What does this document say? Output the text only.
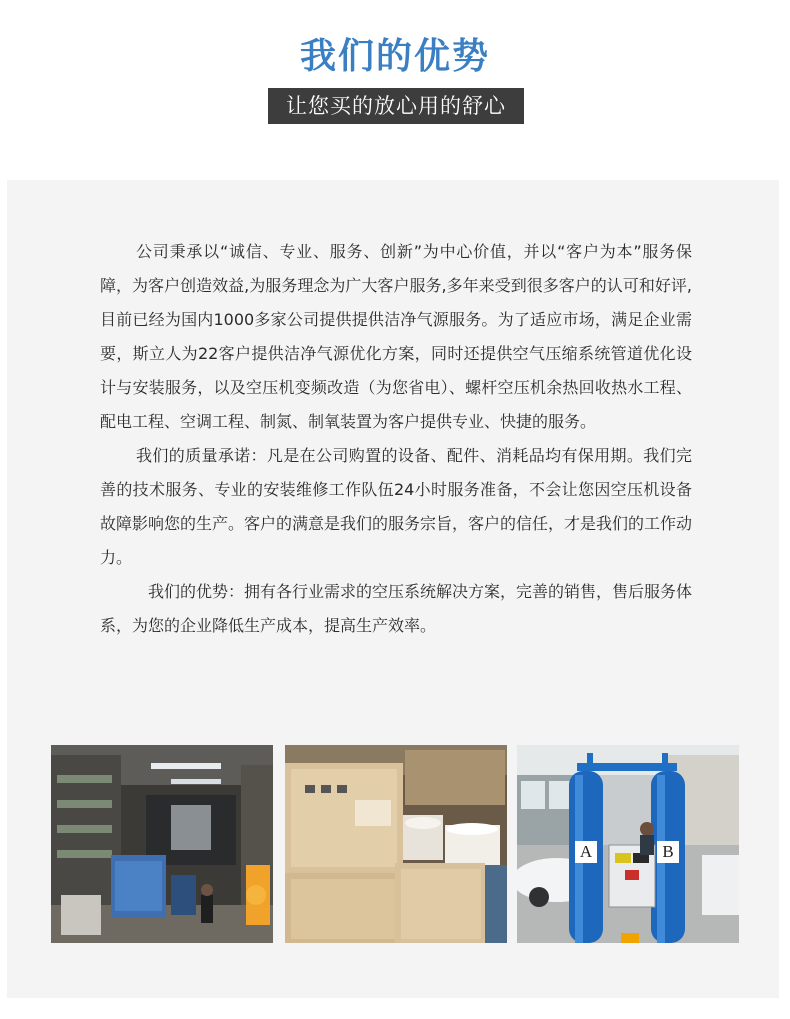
我们的优势
让您买的放心用的舒心

公司秉承以“诚信、专业、服务、创新”为中心价值，并以“客户为本”服务保障，为客户创造效益,为服务理念为广大客户服务,多年来受到很多客户的认可和好评,目前已经为国内1000多家公司提供提供洁净气源服务。为了适应市场，满足企业需要，斯立人为22客户提供洁净气源优化方案，同时还提供空气压缩系统管道优化设计与安装服务，以及空压机变频改造（为您省电）、螺杆空压机余热回收热水工程、配电工程、空调工程、制氮、制氧装置为客户提供专业、快捷的服务。

我们的质量承诺：凡是在公司购置的设备、配件、消耗品均有保用期。我们完善的技术服务、专业的安装维修工作队伍24小时服务准备，不会让您因空压机设备故障影响您的生产。客户的满意是我们的服务宗旨，客户的信任，才是我们的工作动力。

我们的优势：拥有各行业需求的空压系统解决方案，完善的销售，售后服务体系，为您的企业降低生产成本，提高生产效率。

A	B
